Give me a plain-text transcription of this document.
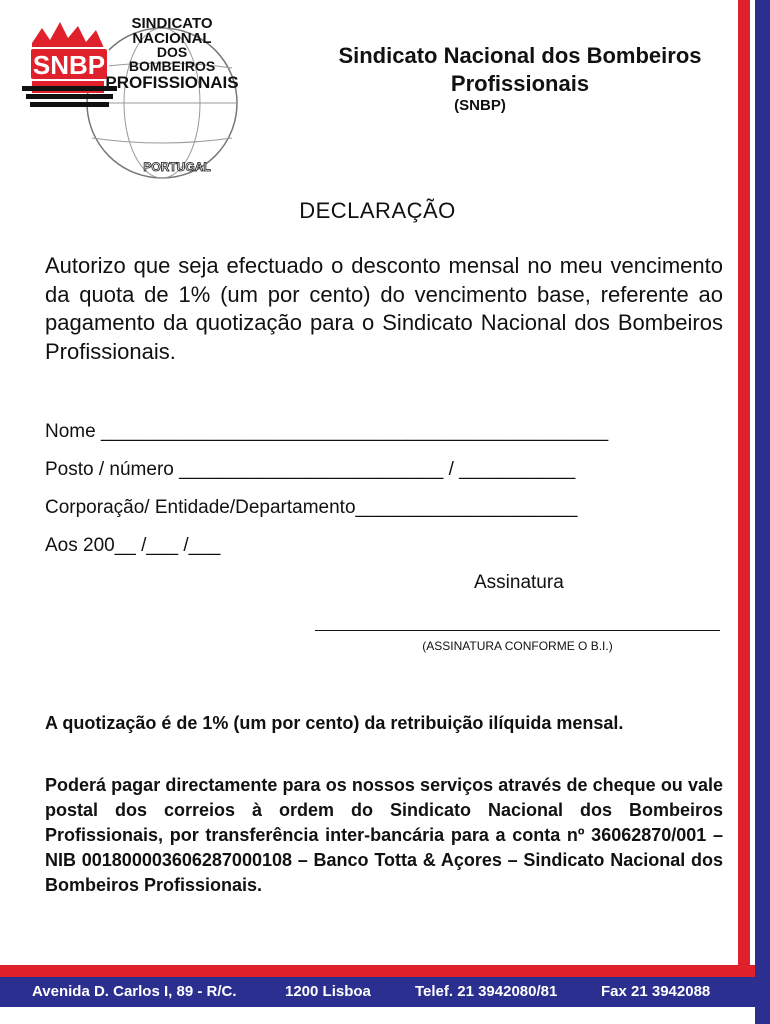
SNBP
SINDICATO
NACIONAL
DOS
BOMBEIROS
PROFISSIONAIS
PORTUGAL
Sindicato Nacional dos Bombeiros Profissionais
(SNBP)
DECLARAÇÃO
Autorizo que seja efectuado o desconto mensal no meu vencimento da quota de 1% (um por cento) do vencimento base, referente ao pagamento da quotização para o Sindicato Nacional dos Bombeiros Profissionais.
Nome ________________________________________________
Posto / número _________________________ / ___________
Corporação/ Entidade/Departamento_____________________
Aos 200__ /___ /___
Assinatura
(ASSINATURA CONFORME O B.I.)
A quotização é de 1% (um por cento) da retribuição ilíquida mensal.
Poderá pagar directamente para os nossos serviços através de cheque ou vale postal dos correios à ordem do Sindicato Nacional dos Bombeiros Profissionais, por transferência inter-bancária para a conta nº 36062870/001 – NIB 0018000036062870001​08 – Banco Totta & Açores – Sindicato Nacional dos Bombeiros Profissionais.
Avenida D. Carlos I, 89 - R/C.	1200 Lisboa	Telef. 21 3942080/81	Fax 21 3942088
